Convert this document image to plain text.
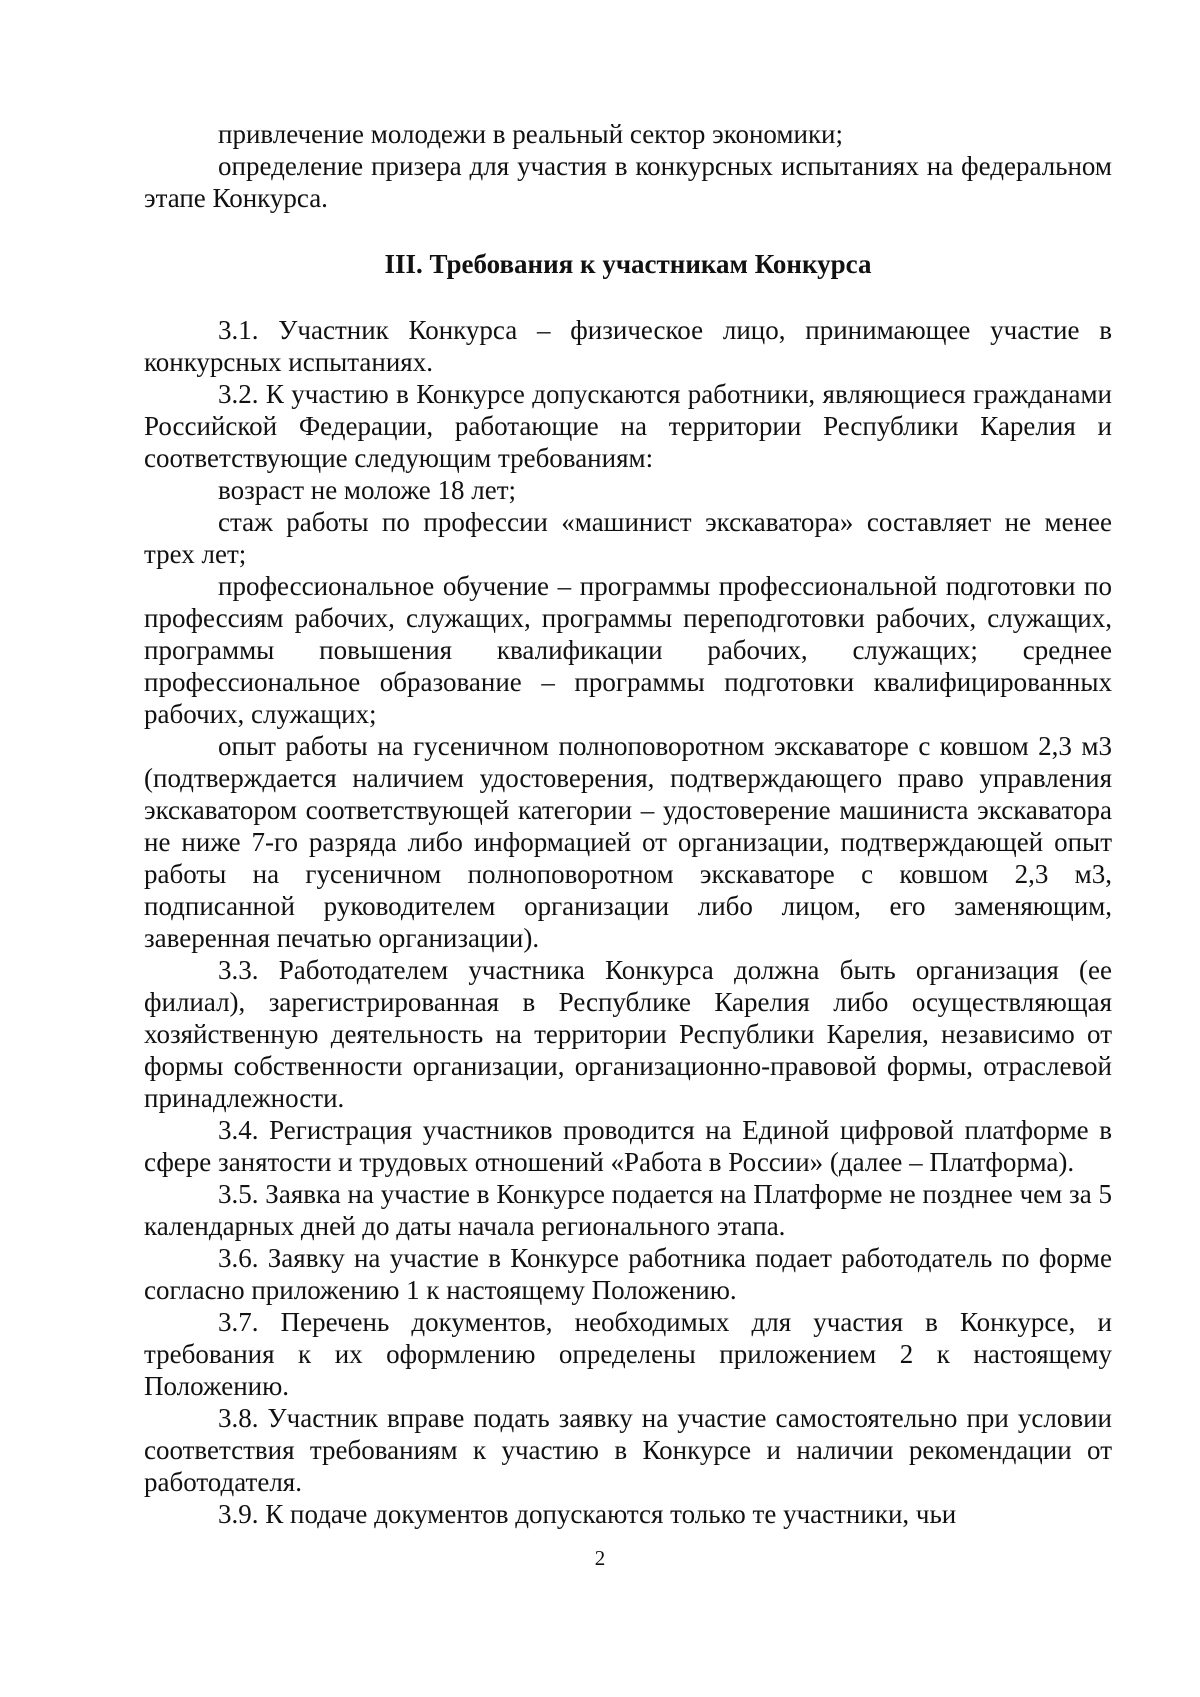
привлечение молодежи в реальный сектор экономики;

определение призера для участия в конкурсных испытаниях на федеральном этапе Конкурса.

III. Требования к участникам Конкурса

3.1. Участник Конкурса – физическое лицо, принимающее участие в конкурсных испытаниях.

3.2. К участию в Конкурсе допускаются работники, являющиеся гражданами Российской Федерации, работающие на территории Республики Карелия и соответствующие следующим требованиям:

возраст не моложе 18 лет;

стаж работы по профессии «машинист экскаватора» составляет не менее трех лет;

профессиональное обучение – программы профессиональной подготовки по профессиям рабочих, служащих, программы переподготовки рабочих, служащих, программы повышения квалификации рабочих, служащих; среднее профессиональное образование – программы подготовки квалифицированных рабочих, служащих;

опыт работы на гусеничном полноповоротном экскаваторе с ковшом 2,3 м3 (подтверждается наличием удостоверения, подтверждающего право управления экскаватором соответствующей категории – удостоверение машиниста экскаватора не ниже 7-го разряда либо информацией от организации, подтверждающей опыт работы на гусеничном полноповоротном экскаваторе с ковшом 2,3 м3, подписанной руководителем организации либо лицом, его заменяющим, заверенная печатью организации).

3.3. Работодателем участника Конкурса должна быть организация (ее филиал), зарегистрированная в Республике Карелия либо осуществляющая хозяйственную деятельность на территории Республики Карелия, независимо от формы собственности организации, организационно-правовой формы, отраслевой принадлежности.

3.4. Регистрация участников проводится на Единой цифровой платформе в сфере занятости и трудовых отношений «Работа в России» (далее – Платформа).

3.5. Заявка на участие в Конкурсе подается на Платформе не позднее чем за 5 календарных дней до даты начала регионального этапа.

3.6. Заявку на участие в Конкурсе работника подает работодатель по форме согласно приложению 1 к настоящему Положению.

3.7. Перечень документов, необходимых для участия в Конкурсе, и требования к их оформлению определены приложением 2 к настоящему Положению.

3.8. Участник вправе подать заявку на участие самостоятельно при условии соответствия требованиям к участию в Конкурсе и наличии рекомендации от работодателя.

3.9. К подаче документов допускаются только те участники, чьи

2
